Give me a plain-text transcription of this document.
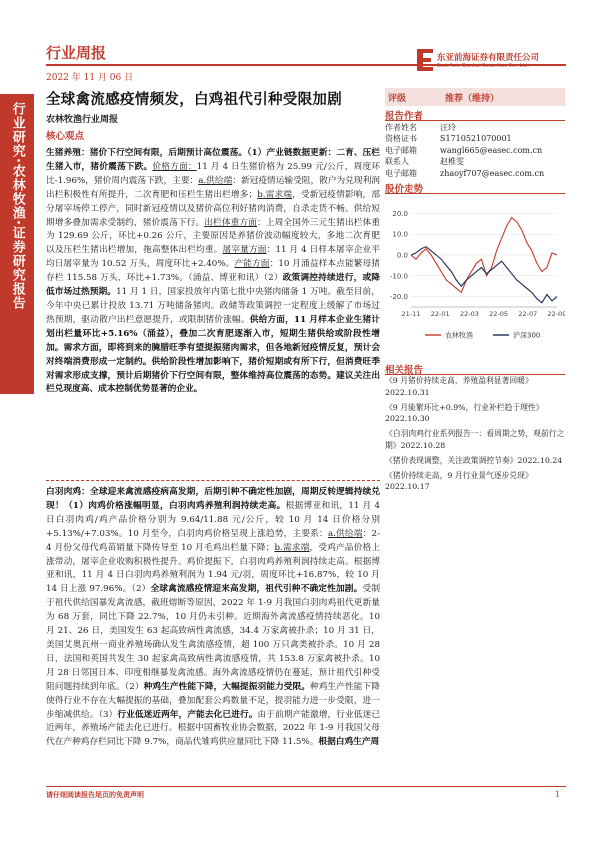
行业研究·农林牧渔·证券研究报告
行业周报	东亚前海证券有限责任公司
East Asia Qianhai Securities Co., Ltd.
2022 年 11 月 06 日
全球禽流感疫情频发，白鸡祖代引种受限加剧
农林牧渔行业周报
核心观点
生猪养殖：猪价下行空间有限，后期预计高位震荡。（1）产业链数据更新：二育、压栏生猪入市，猪价震荡下跌。价格方面：11 月 4 日生猪价格为 25.99 元/公斤，周度环比-1.96%，猪价周内震荡下跌，主要：a.供给端：新冠疫情运输受阻，散户为兑现利润出栏积极性有所提升，二次育肥和压栏生猪出栏增多；b.需求端，受新冠疫情影响，部分屠宰场停工停产，同时新冠疫情以及猪价高位利好猪肉消费，自杀走货不畅。供给短期增多叠加需求受制约，猪价震荡下行。出栏体重方面：上周全国外三元生猪出栏体重为 129.69 公斤，环比+0.26 公斤，主要原因是养猪价波动幅度较大，多地二次育肥以及压栏生猪出栏增加，拖高整体出栏均重。屠宰量方面：11 月 4 日样本屠宰企业平均日屠宰量为 10.52 万头，周度环比+2.40%。产能方面：10 月涌益样本点能繁母猪存栏 115.58 万头，环比+1.73%。（涌益、博亚和讯）（2）政策调控持续进行，或降低市场过热预期。11 月 1 日，国家投放年内第七批中央猪肉储备 1 万吨。截至目前，今年中央已累计投放 13.71 万吨储备猪肉。政储等政策调控一定程度上缓解了市场过热预期，驱动散户出栏意愿提升，或限制猪价涨幅。供给方面，11 月样本企业生猪计划出栏量环比+5.16%（涌益），叠加二次育肥逐渐入市，短期生猪供给或阶段性增加。需求方面，即将到来的腌腊旺季有望提振猪肉需求，但各地新冠疫情反复，预计会对终端消费形成一定制约。供给阶段性增加影响下，猪价短期或有所下行，但消费旺季对需求形成支撑，预计后期猪价下行空间有限，整体维持高位震荡的态势。建议关注出栏兑现度高、成本控制优势显著的企业。
白羽肉鸡：全球迎来禽流感疫病高发期，后期引种不确定性加剧，周期反转逻辑持续兑现！（1）肉鸡价格涨幅明显，白羽肉鸡养殖利润持续走高。根据博亚和讯，11 月 4 日白羽肉鸡/鸡产品价格分别为 9.64/11.88 元/公斤，较 10 月 14 日价格分别+5.13%/+7.03%。10 月至今，白羽肉鸡价格呈现上涨趋势，主要系：a.供给端：2-4 月份父母代鸡苗销量下降传导至 10 月毛鸡出栏量下降；b.需求端，受鸡产品价格上涨带动，屠宰企业收购积极性提升。鸡价提振下，白羽肉鸡养殖利润持续走高。根据博亚和讯，11 月 4 日白羽肉鸡养殖利润为 1.94 元/羽，周度环比+16.87%，较 10 月 14 日上涨 97.96%。（2）全球禽流感疫情迎来高发期，祖代引种不确定性加剧。受制于祖代供给国暴发禽流感，截班熔断等原因，2022 年 1-9 月我国白羽肉鸡祖代更新量为 68 万套，同比下降 22.7%，10 月仍未引种。近期海外禽流感疫情持续恶化。10 月 21、26 日，美国发生 63 起高致病性禽流感，34.4 万家禽被扑杀；10 月 31 日，美国艾奥瓦州一商业养殖场确认发生禽流感疫情，超 100 万只禽类被扑杀。10 月 28 日，法国和英国共发生 30 起家禽高致病性禽流感疫情，共 153.8 万家禽被扑杀。10 月 28 日邻国日本、印度相继暴发禽流感。海外禽流感疫情仍在蔓延，预计祖代引种受阻问题持续到年底。（2）种鸡生产性能下降，大幅提振羽能力受限。种鸡生产性能下降使得行业不存在大幅提振的基础，叠加配套公鸡数量不足，提羽能力进一步受限，进一步缩减供给。（3）行业低迷近两年，产能去化已进行。由于前期产能激增，行业低迷已近两年，养殖场产能去化已进行。根据中国畜牧业协会数据，2022 年 1-9 月我国父母代在产种鸡存栏同比下降 9.7%，商品代雏鸡供应量同比下降 11.5%。根据白鸡生产周
评级	推荐（维持）
报告作者
作者姓名	汪玲
资格证书	S1710521070001
电子邮箱	wangl665@easec.com.cn
联系人	赵椎雯
电子邮箱	zhaoyf707@easec.com.cn
股价走势
20.0
10.0
0.0
-10.0
-20.0
21-11 22-01 22-03 22-05 22-07 22-09
农林牧渔	沪深300
相关报告

《9 月猪价持续走高，养殖盈利显著回暖》2022.10.31

《9 月能繁环比+0.9%，行业补栏趋于理性》2022.10.30

《白羽肉鸡行业系列报告一：看周期之势，观前行之期》2022.10.28

《猪价表现调整，关注政策调控节奏》2022.10.24

《猪价持续走高，9 月行业景气逐步兑现》2022.10.17

请仔细阅读报告尾页的免责声明	1
